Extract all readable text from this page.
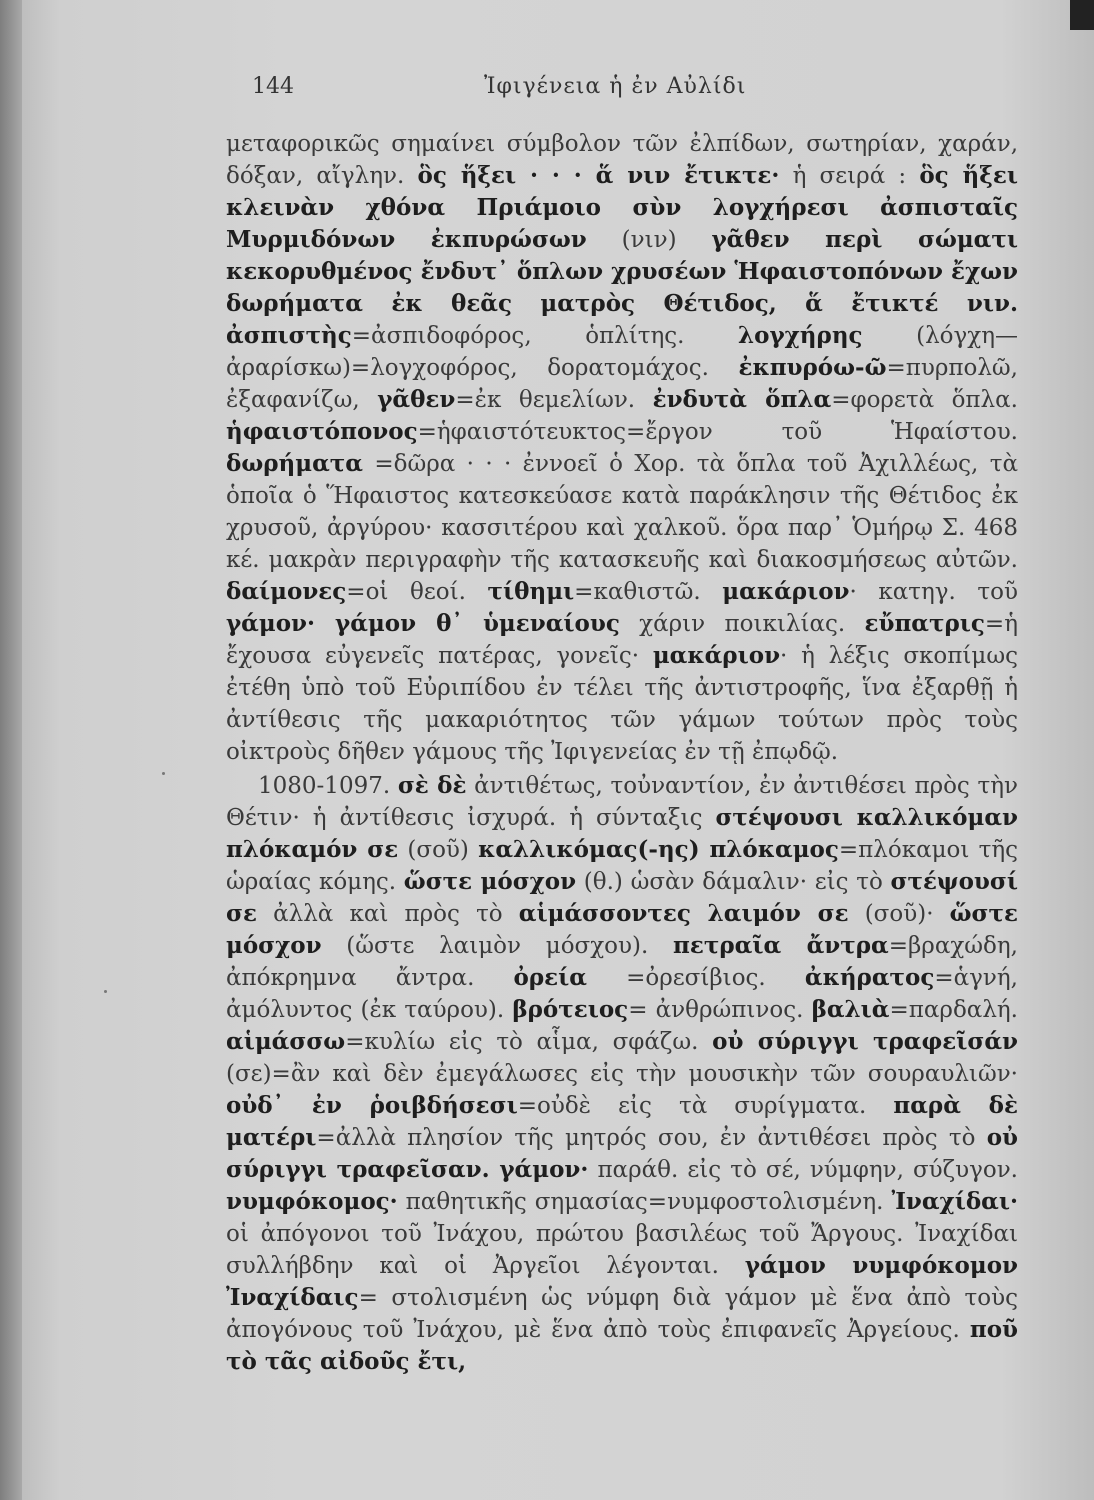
144	Ἰφιγένεια ἡ ἐν Αὐλίδι
μεταφορικῶς σημαίνει σύμβολον τῶν ἐλπίδων, σωτηρίαν, χαράν, δόξαν, αἴγλην. ὃς ἥξει · · · ἅ νιν ἔτικτε· ἡ σειρά : ὃς ἥξει κλεινὰν χθόνα Πριάμοιο σὺν λογχήρεσι ἀσπισταῖς Μυρμιδόνων ἐκπυρώσων (νιν) γᾶθεν περὶ σώματι κεκορυθμένος ἔνδυτ᾽ ὅπλων χρυσέων Ἡφαιστοπόνων ἔχων δωρήματα ἐκ θεᾶς ματρὸς Θέτιδος, ἅ ἔτικτέ νιν. ἀσπιστὴς=ἀσπιδοφόρος, ὁπλίτης. λογχήρης (λόγχη—ἀραρίσκω)=λογχοφόρος, δορατομάχος. ἐκπυρόω-ῶ=πυρπολῶ, ἐξαφανίζω, γᾶθεν=ἐκ θεμελίων. ἐνδυτὰ ὅπλα=φορετὰ ὅπλα. ἡφαιστόπονος=ἡφαιστότευκτος=ἔργον τοῦ Ἡφαίστου. δωρήματα =δῶρα · · · ἐννοεῖ ὁ Χορ. τὰ ὅπλα τοῦ Ἀχιλλέως, τὰ ὁποῖα ὁ Ἥφαιστος κατεσκεύασε κατὰ παράκλησιν τῆς Θέτιδος ἐκ χρυσοῦ, ἀργύρου· κασσιτέρου καὶ χαλκοῦ. ὅρα παρ᾽ Ὁμήρῳ Σ. 468 κέ. μακρὰν περιγραφὴν τῆς κατασκευῆς καὶ διακοσμήσεως αὐτῶν. δαίμονες=οἱ θεοί. τίθημι=καθιστῶ. μακάριον· κατηγ. τοῦ γάμον· γάμον θ᾽ ὑμεναίους χάριν ποικιλίας. εὔπατρις=ἡ ἔχουσα εὐγενεῖς πατέρας, γονεῖς· μακάριον· ἡ λέξις σκοπίμως ἐτέθη ὑπὸ τοῦ Εὐριπίδου ἐν τέλει τῆς ἀντιστροφῆς, ἵνα ἐξαρθῇ ἡ ἀντίθεσις τῆς μακαριότητος τῶν γάμων τούτων πρὸς τοὺς οἰκτροὺς δῆθεν γάμους τῆς Ἰφιγενείας ἐν τῇ ἐπῳδῷ.
1080-1097. σὲ δὲ ἀντιθέτως, τοὐναντίον, ἐν ἀντιθέσει πρὸς τὴν Θέτιν· ἡ ἀντίθεσις ἰσχυρά. ἡ σύνταξις στέψουσι καλλικόμαν πλόκαμόν σε (σοῦ) καλλικόμας(-ης) πλόκαμος=πλόκαμοι τῆς ὡραίας κόμης. ὥστε μόσχον (θ.) ὡσὰν δάμαλιν· εἰς τὸ στέψουσί σε ἀλλὰ καὶ πρὸς τὸ αἱμάσσοντες λαιμόν σε (σοῦ)· ὥστε μόσχον (ὥστε λαιμὸν μόσχου). πετραῖα ἄντρα=βραχώδη, ἀπόκρημνα ἄντρα. ὀρεία =ὀρεσίβιος. ἀκήρατος=ἁγνή, ἀμόλυντος (ἐκ ταύρου). βρότειος= ἀνθρώπινος. βαλιὰ=παρδαλή. αἱμάσσω=κυλίω εἰς τὸ αἷμα, σφάζω. οὐ σύριγγι τραφεῖσάν (σε)=ἂν καὶ δὲν ἐμεγάλωσες εἰς τὴν μουσικὴν τῶν σουραυλιῶν· οὐδ᾽ ἐν ῥοιβδήσεσι=οὐδὲ εἰς τὰ συρίγματα. παρὰ δὲ ματέρι=ἀλλὰ πλησίον τῆς μητρός σου, ἐν ἀντιθέσει πρὸς τὸ οὐ σύριγγι τραφεῖσαν. γάμον· παράθ. εἰς τὸ σέ, νύμφην, σύζυγον. νυμφόκομος· παθητικῆς σημασίας=νυμφοστολισμένη. Ἰναχίδαι· οἱ ἀπόγονοι τοῦ Ἰνάχου, πρώτου βασιλέως τοῦ Ἄργους. Ἰναχίδαι συλλήβδην καὶ οἱ Ἀργεῖοι λέγονται. γάμον νυμφόκομον Ἰναχίδαις= στολισμένη ὡς νύμφη διὰ γάμον μὲ ἕνα ἀπὸ τοὺς ἀπογόνους τοῦ Ἰνάχου, μὲ ἕνα ἀπὸ τοὺς ἐπιφανεῖς Ἀργείους. ποῦ τὸ τᾶς αἰδοῦς ἔτι,
